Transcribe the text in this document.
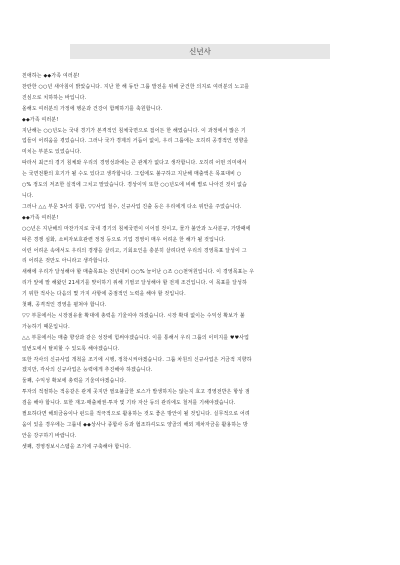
신년사

친애하는 ◆◆가족 여러분!

찬란한 ○○년 새아침이 밝았습니다. 지난 한 해 동안 그룹 발전을 위해 굳건한 의지로 여러분의 노고를

진심으로 치하하는 바입니다.

올해도 여러분의 가정에 행운과 건강이 함께하기를 축원합니다.

◆◆가족 여러분!

지난해는 ○○년도는 국내 경기가 본격적인 침체국면으로 접어든 한 해였습니다. 이 과정에서 많은 기

업들이 어려움을 겪었습니다. 그러나 국가 경제의 거듭이 없이, 우리 그룹에는 오히려 공경적인 영향을

미치는 부분도 있었습니다.

따라서 최근의 경기 침체와 우리의 경영성과에는 큰 관계가 없다고 생각합니다. 오히려 어떤 의미에서

는 국면전환의 호기가 될 수도 있다고 생각합니다. 그럼에도 불구하고 지난해 매출액은 목표대비 ○

○% 정도의 저조한 실적에 그치고 말았습니다. 경상이익 또한 ○○년도에 비해 별로 나아진 것이 없습

니다.

그러나 △△ 부문 3사의 통합, ▽▽사업 철수, 신규사업 진출 등은 우리에게 다소 위안을 주었습니다.

◆◆가족 여러분!

○○년은 지난해의 마찬가지로 국내 경기의 침체국면이 이어질 것이고, 물가 불안과 노사분규, 가방패에

따른 경쟁 심화, 소비자보호관련 정정 등으로 기업 경영이 매우 어려운 한 해가 될 것입니다.

이런 어려운 속에서도 우리의 경쟁을 살리고, 기회요인을 충분히 살려다면 우리의 경영목표 달성이 그

리 어려운 것만도 아니라고 생각합니다.

새해에 우리가 달성해야 할 매출목표는 전년대비 ○○% 늘어난 ○조 ○○천억원입니다. 이 경영목표는 우

리가 앞에 말 해왔던 21세기를 맞이하기 위해 기필코 달성해야 할 전제 조건입니다. 이 목표를 달성하

기 위한 적사는 다음의 몇 가지 사항에 중점적인 노력을 해야 할 것입니다.

첫째, 공격적인 경영을 펼쳐야 합니다.

▽▽ 부문에서는 시장점유율 확대에 총력을 기울여야 하겠습니다. 시장 확대 없이는 수익성 확보가 불

가능하기 때문입니다.

△△ 부문에서는 매출 향상과 같은 성장에 힘써야겠습니다. 이를 통해서 우리 그룹의 이미지를 ♥♥사업

일번도에서 탈피할 수 있도록 해야겠습니다.

또한 각사의 신규사업 개척을 조기에 시행, 정착시켜야겠습니다. 그룹 차원의 신규사업은 거금적 지향하

겠지만, 각사의 신규사업은 능력에게 추진해야 하겠습니다.

둘째, 수익성 확보에 총력을 기울여야겠습니다.

투자의 적절하는 적응같은 관계 곳지만 필요불급한 로스가 발생하지는 않는지 효고 경영전반은 항상 점

검을 해야 합니다. 또한 재고·매출채권·투자 및 기타 자산 등의 관리에도 철저를 기해야겠습니다.

필요하다면 해외금융이나 펀드를 적극적으로 활용하는 것도 좋은 방안이 될 것입니다. 실무적으로 어려

움이 있을 경우에는 그룹내 ◆◆상사나 종합사 등과 협조하셔도도 양골의 해외 제차자금을 활용하는 방

안을 강구하기 바랍니다.

셋째, 경영정보시스템을 조기에 구축해야 합니다.
